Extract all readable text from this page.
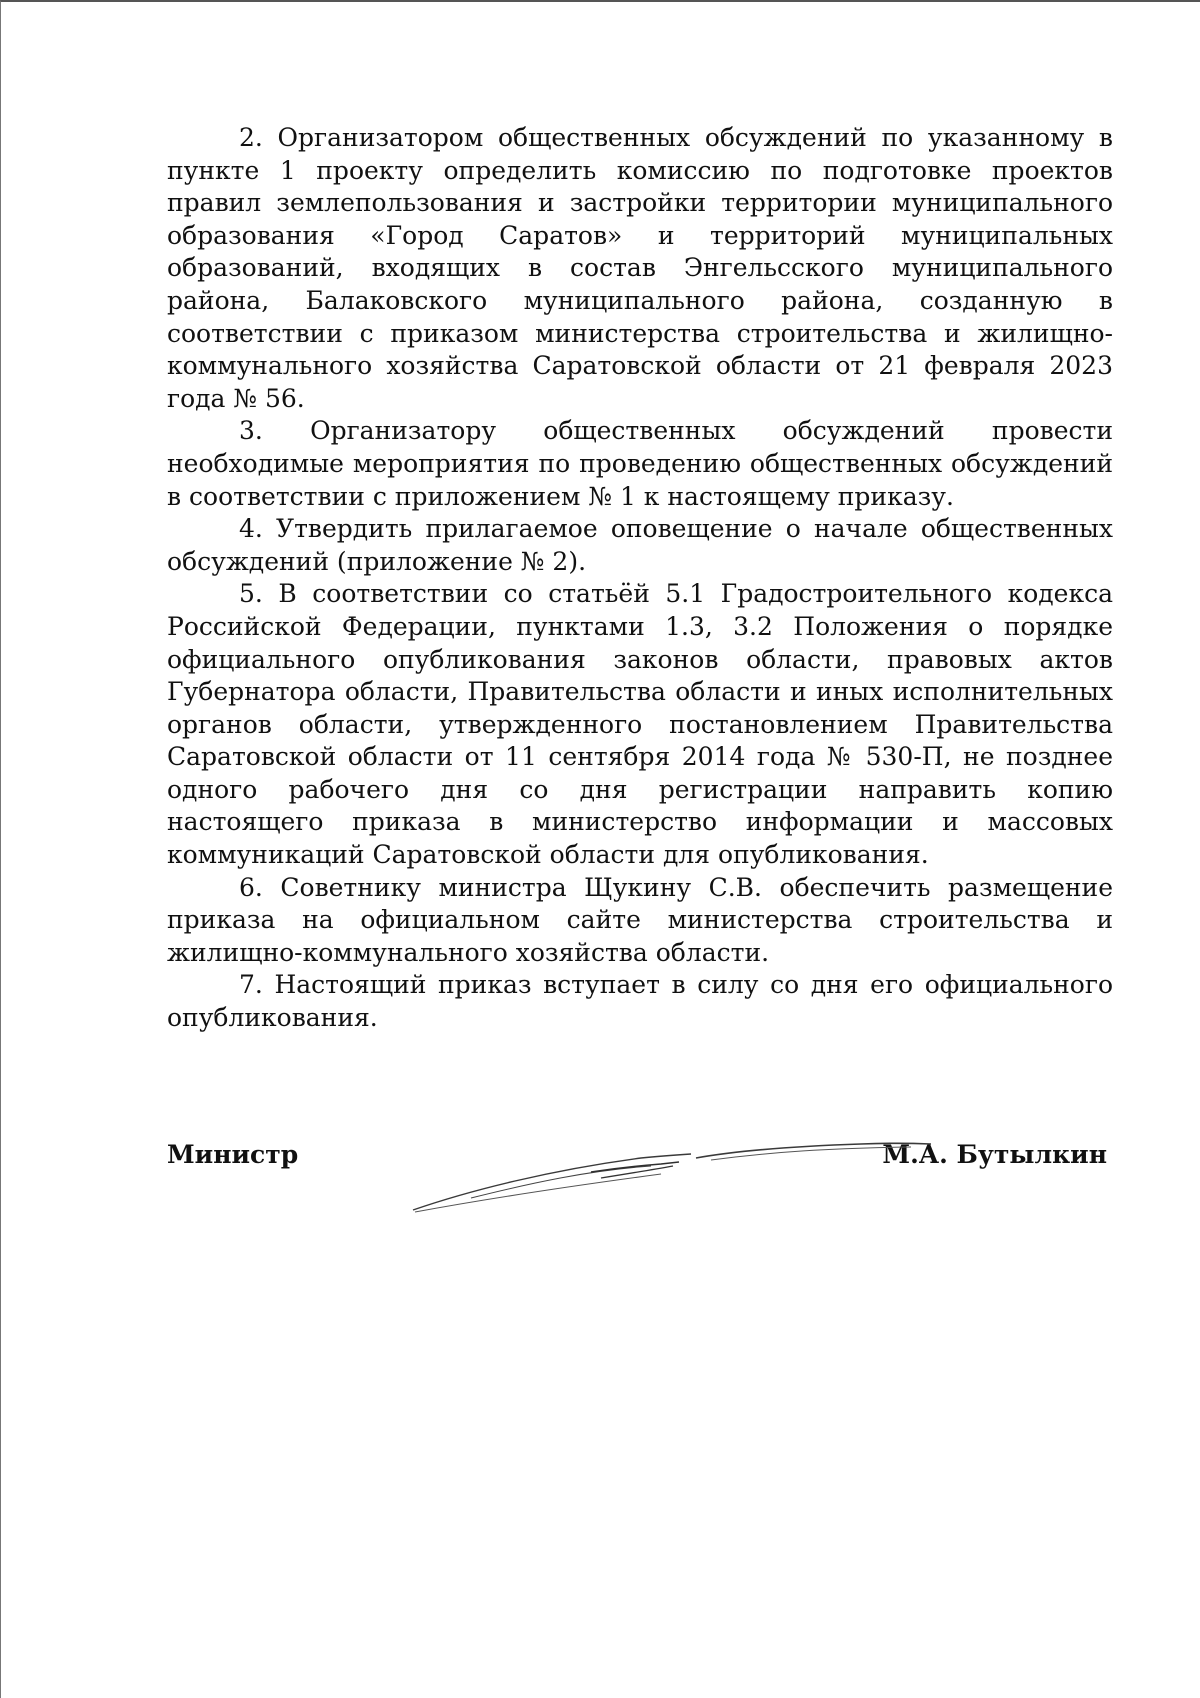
2. Организатором общественных обсуждений по указанному в пункте 1 проекту определить комиссию по подготовке проектов правил землепользования и застройки территории муниципального образования «Город Саратов» и территорий муниципальных образований, входящих в состав Энгельсского муниципального района, Балаковского муниципального района, созданную в соответствии с приказом министерства строительства и жилищно-коммунального хозяйства Саратовской области от 21 февраля 2023 года № 56.

3. Организатору общественных обсуждений провести необходимые мероприятия по проведению общественных обсуждений в соответствии с приложением № 1 к настоящему приказу.

4. Утвердить прилагаемое оповещение о начале общественных обсуждений (приложение № 2).

5. В соответствии со статьёй 5.1 Градостроительного кодекса Российской Федерации, пунктами 1.3, 3.2 Положения о порядке официального опубликования законов области, правовых актов Губернатора области, Правительства области и иных исполнительных органов области, утвержденного постановлением Правительства Саратовской области от 11 сентября 2014 года № 530-П, не позднее одного рабочего дня со дня регистрации направить копию настоящего приказа в министерство информации и массовых коммуникаций Саратовской области для опубликования.

6. Советнику министра Щукину С.В. обеспечить размещение приказа на официальном сайте министерства строительства и жилищно-коммунального хозяйства области.

7. Настоящий приказ вступает в силу со дня его официального опубликования.

Министр	М.А. Бутылкин
